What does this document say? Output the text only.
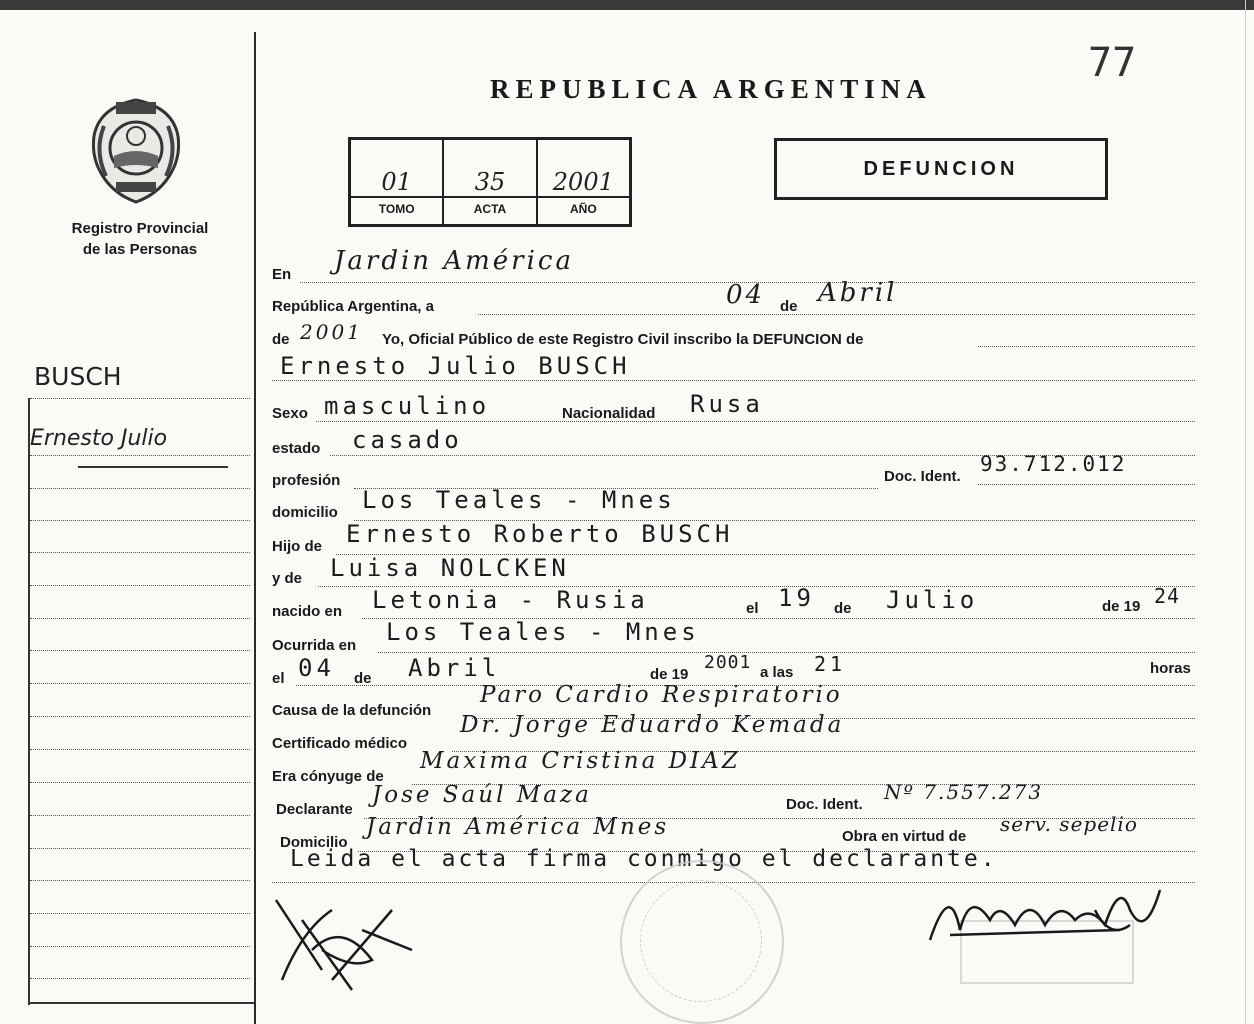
77
REPUBLICA ARGENTINA
Registro Provincial
de las Personas
01
TOMO
35
ACTA
2001
AÑO
DEFUNCION
BUSCH
Ernesto Julio
En Jardin América
República Argentina, a	04 de Abril
de 2001 Yo, Oficial Público de este Registro Civil inscribo la DEFUNCION de
Ernesto Julio BUSCH
Sexo masculino	Nacionalidad Rusa
estado casado
profesión	Doc. Ident.
93.712.012
domicilio Los Teales - Mnes
Hijo de Ernesto Roberto BUSCH
y de Luisa NOLCKEN
nacido en Letonia - Rusia	el 19 de Julio	de 19 24
Ocurrida en Los Teales - Mnes
el 04 de Abril	de 19
2001 a las 21	horas
Causa de la defunción
Paro Cardio Respiratorio
Certificado médico
Dr. Jorge Eduardo Kemada
Era cónyuge de
Maxima Cristina DIAZ
Declarante
Jose Saúl Maza	Doc. Ident.
Nº 7.557.273
Domicilio
Jardin América Mnes	Obra en virtud de
serv. sepelio
Leida el acta firma conmigo el declarante.
